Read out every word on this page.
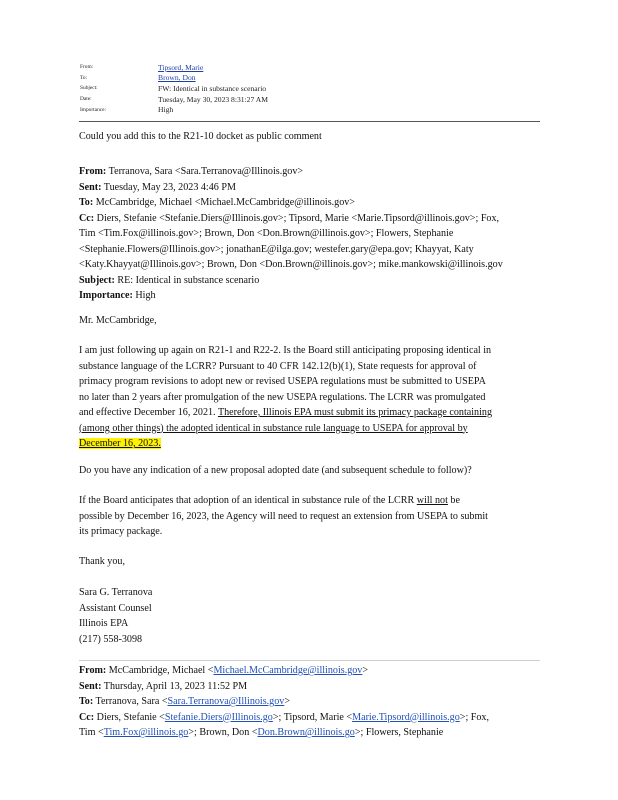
From:	Tipsord, Marie
To:	Brown, Don
Subject:	FW: Identical in substance scenario
Date:	Tuesday, May 30, 2023 8:31:27 AM
Importance:	High

Could you add this to the R21-10 docket as public comment

From: Terranova, Sara <Sara.Terranova@Illinois.gov>
Sent: Tuesday, May 23, 2023 4:46 PM
To: McCambridge, Michael <Michael.McCambridge@illinois.gov>
Cc: Diers, Stefanie <Stefanie.Diers@Illinois.gov>; Tipsord, Marie <Marie.Tipsord@illinois.gov>; Fox,
Tim <Tim.Fox@illinois.gov>; Brown, Don <Don.Brown@illinois.gov>; Flowers, Stephanie
<Stephanie.Flowers@Illinois.gov>; jonathanE@ilga.gov; westefer.gary@epa.gov; Khayyat, Katy
<Katy.Khayyat@Illinois.gov>; Brown, Don <Don.Brown@illinois.gov>; mike.mankowski@illinois.gov
Subject: RE: Identical in substance scenario
Importance: High

Mr. McCambridge,

I am just following up again on R21-1 and R22-2. Is the Board still anticipating proposing identical in
substance language of the LCRR? Pursuant to 40 CFR 142.12(b)(1), State requests for approval of
primacy program revisions to adopt new or revised USEPA regulations must be submitted to USEPA
no later than 2 years after promulgation of the new USEPA regulations. The LCRR was promulgated
and effective December 16, 2021. Therefore, Illinois EPA must submit its primacy package containing
(among other things) the adopted identical in substance rule language to USEPA for approval by
December 16, 2023.

Do you have any indication of a new proposal adopted date (and subsequent schedule to follow)?

If the Board anticipates that adoption of an identical in substance rule of the LCRR will not be
possible by December 16, 2023, the Agency will need to request an extension from USEPA to submit
its primacy package.

Thank you,

Sara G. Terranova
Assistant Counsel
Illinois EPA
(217) 558-3098
From: McCambridge, Michael <Michael.McCambridge@illinois.gov>
Sent: Thursday, April 13, 2023 11:52 PM
To: Terranova, Sara <Sara.Terranova@Illinois.gov>
Cc: Diers, Stefanie <Stefanie.Diers@Illinois.go>; Tipsord, Marie <Marie.Tipsord@illinois.go>; Fox,
Tim <Tim.Fox@illinois.go>; Brown, Don <Don.Brown@illinois.go>; Flowers, Stephanie
